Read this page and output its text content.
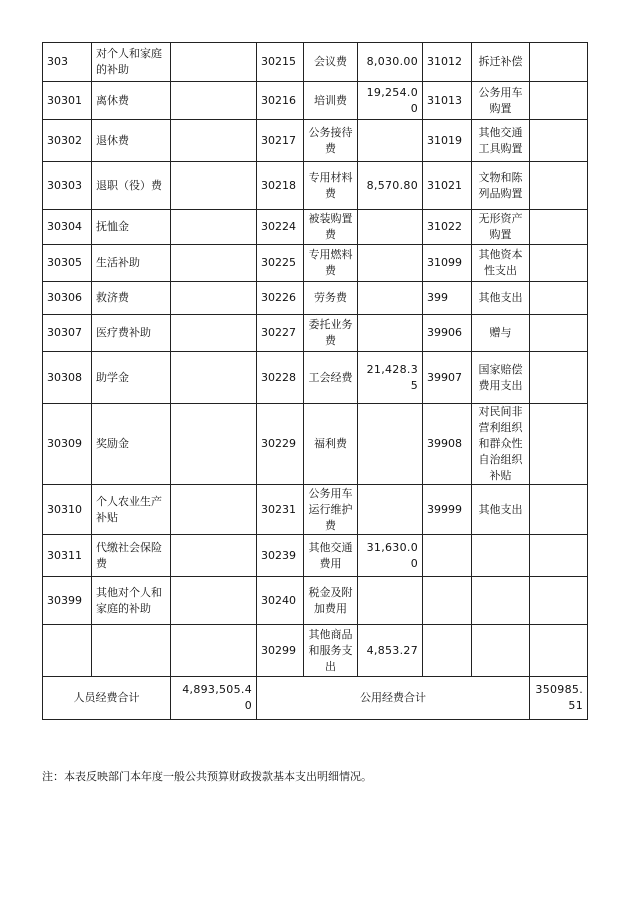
303	对个人和家庭的补助		30215	会议费	8,030.00	31012	拆迁补偿	
30301	离休费		30216	培训费	19,254.00	31013	公务用车购置	
30302	退休费		30217	公务接待费		31019	其他交通工具购置	
30303	退职（役）费		30218	专用材料费	8,570.80	31021	文物和陈列品购置	
30304	抚恤金		30224	被装购置费		31022	无形资产购置	
30305	生活补助		30225	专用燃料费		31099	其他资本性支出	
30306	救济费		30226	劳务费		399	其他支出	
30307	医疗费补助		30227	委托业务费		39906	赠与	
30308	助学金		30228	工会经费	21,428.35	39907	国家赔偿费用支出	
30309	奖励金		30229	福利费		39908	对民间非营利组织和群众性自治组织补贴	
30310	个人农业生产补贴		30231	公务用车运行维护费		39999	其他支出	
30311	代缴社会保险费		30239	其他交通费用	31,630.00			
30399	其他对个人和家庭的补助		30240	税金及附加费用				
			30299	其他商品和服务支出	4,853.27			
人员经费合计		4,893,505.40	公用经费合计					350985.51
注：本表反映部门本年度一般公共预算财政拨款基本支出明细情况。
